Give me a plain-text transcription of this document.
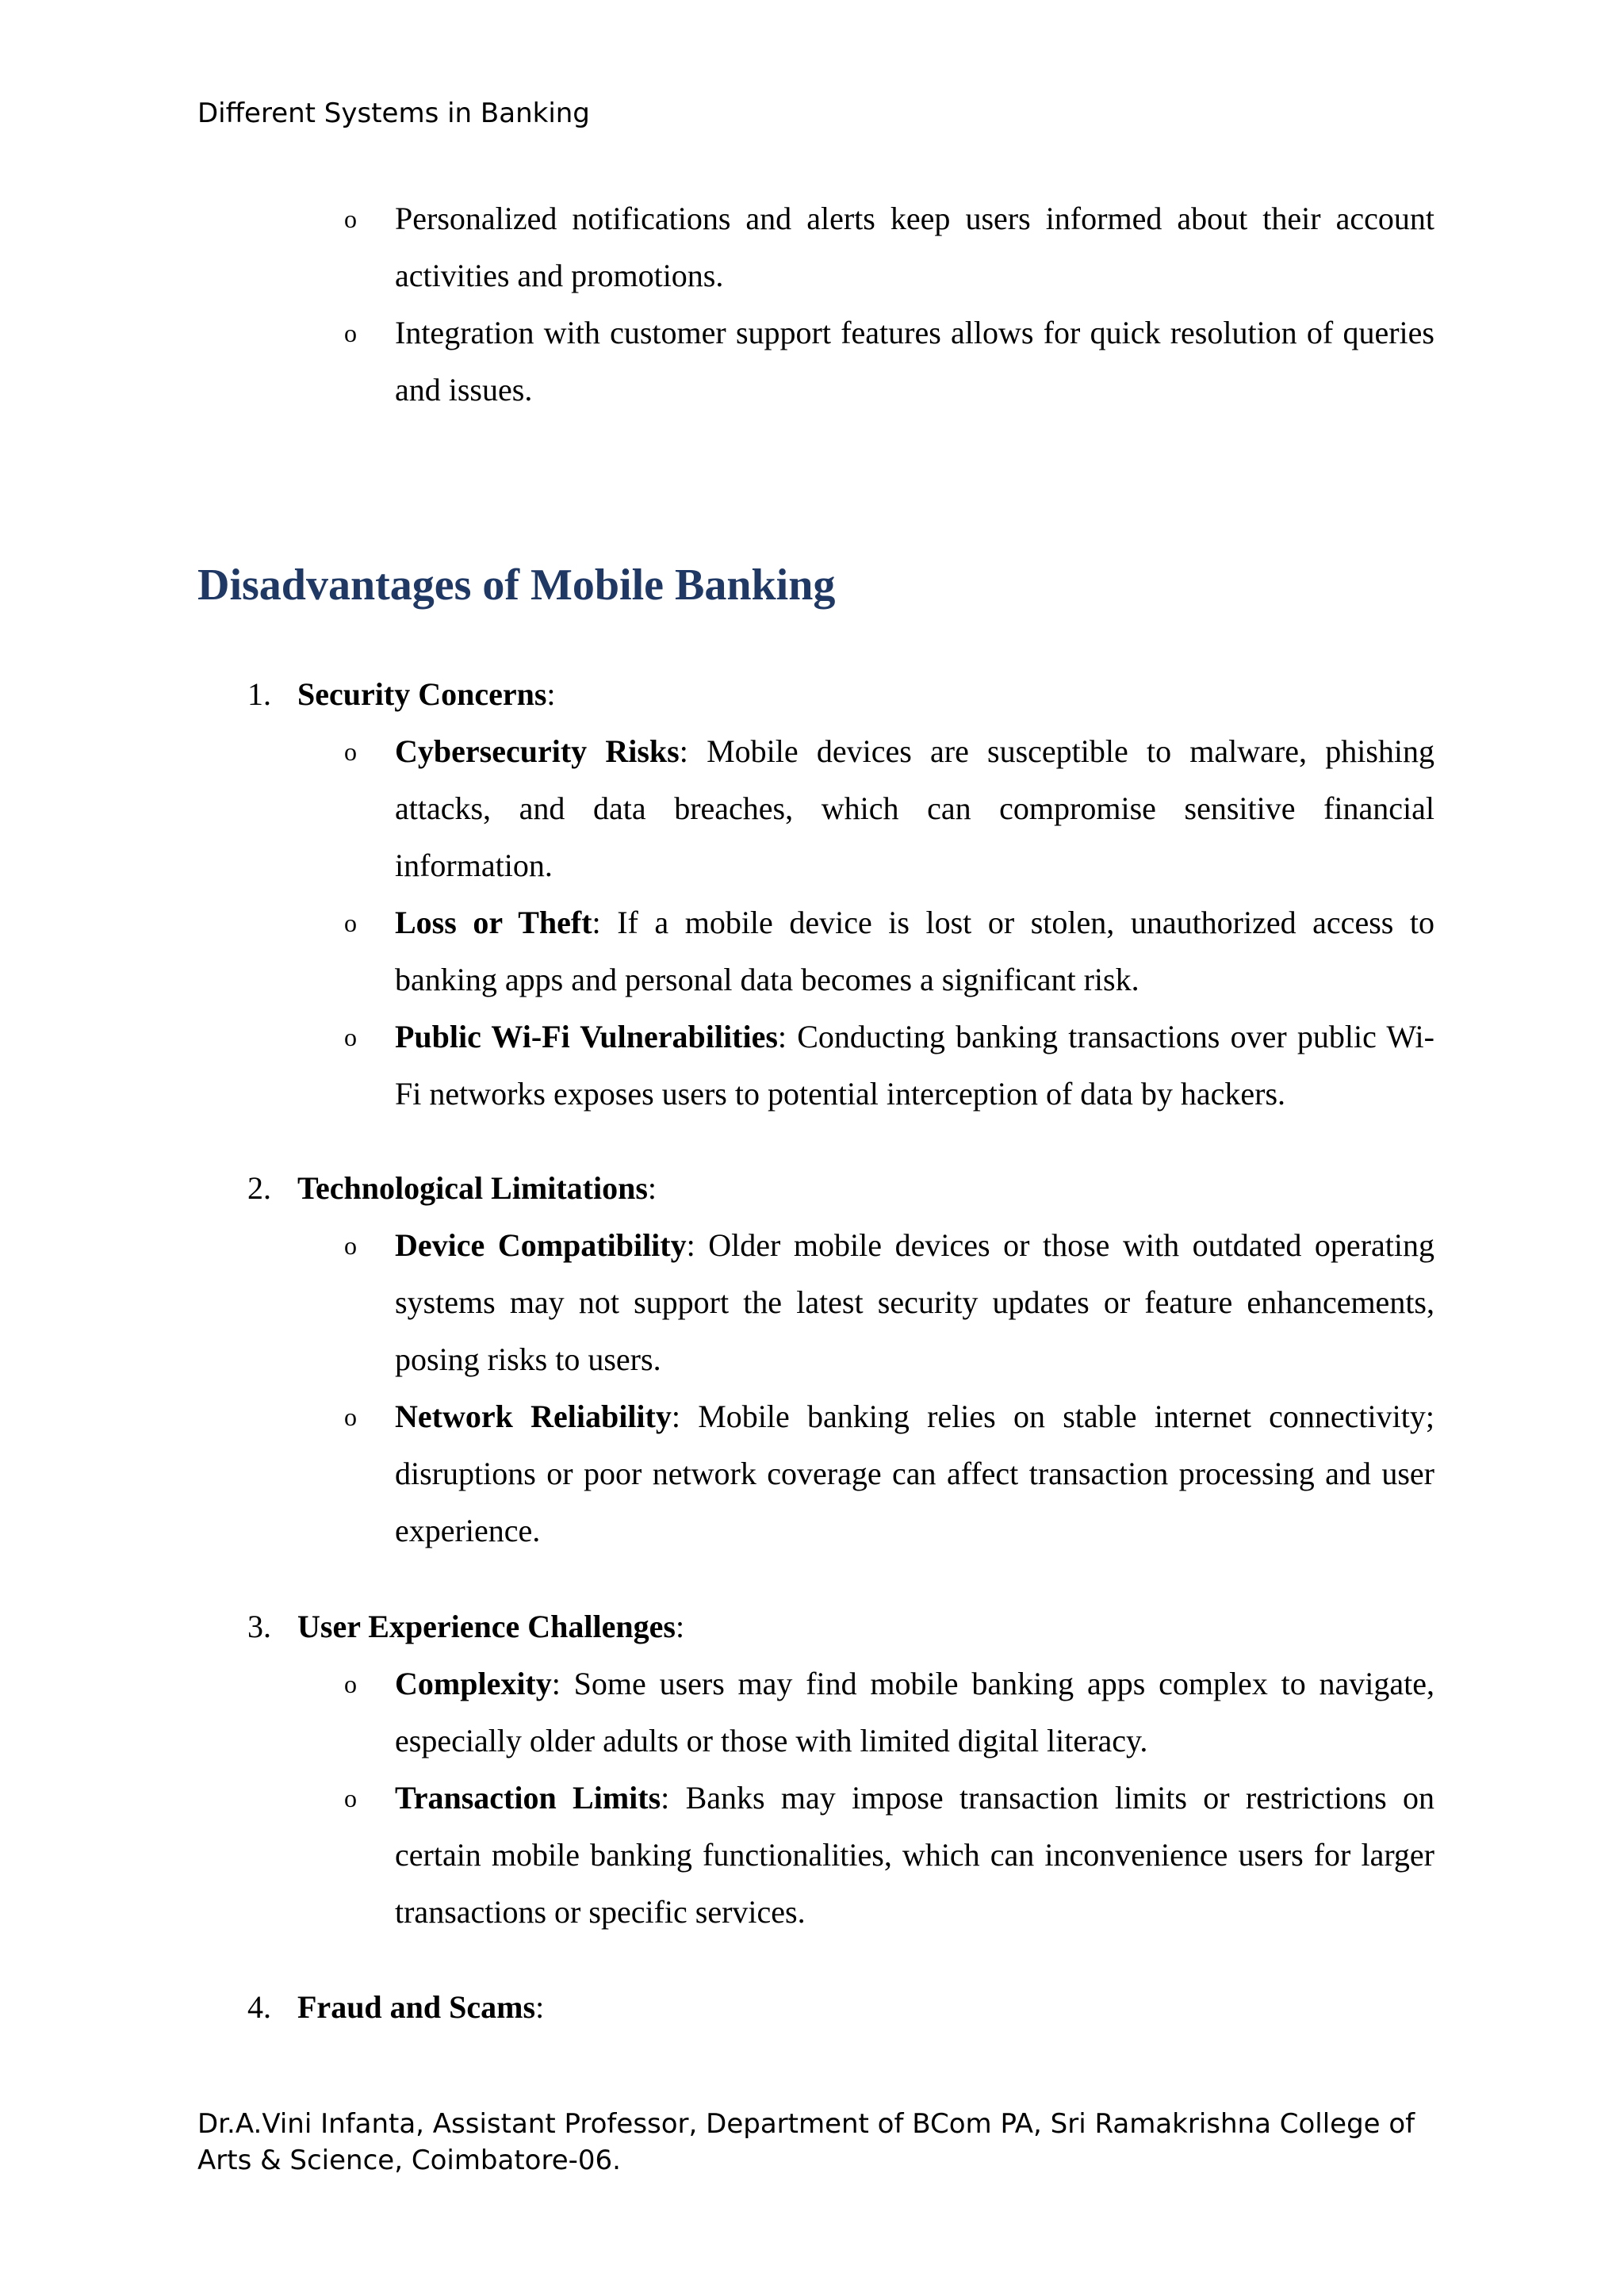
Different Systems in Banking
o Personalized notifications and alerts keep users informed about their account activities and promotions.
o Integration with customer support features allows for quick resolution of queries and issues.
Disadvantages of Mobile Banking
1. Security Concerns:
o Cybersecurity Risks: Mobile devices are susceptible to malware, phishing attacks, and data breaches, which can compromise sensitive financial information.
o Loss or Theft: If a mobile device is lost or stolen, unauthorized access to banking apps and personal data becomes a significant risk.
o Public Wi-Fi Vulnerabilities: Conducting banking transactions over public Wi-Fi networks exposes users to potential interception of data by hackers.
2. Technological Limitations:
o Device Compatibility: Older mobile devices or those with outdated operating systems may not support the latest security updates or feature enhancements, posing risks to users.
o Network Reliability: Mobile banking relies on stable internet connectivity; disruptions or poor network coverage can affect transaction processing and user experience.
3. User Experience Challenges:
o Complexity: Some users may find mobile banking apps complex to navigate, especially older adults or those with limited digital literacy.
o Transaction Limits: Banks may impose transaction limits or restrictions on certain mobile banking functionalities, which can inconvenience users for larger transactions or specific services.
4. Fraud and Scams:
Dr.A.Vini Infanta, Assistant Professor, Department of BCom PA, Sri Ramakrishna College of Arts & Science, Coimbatore-06.
